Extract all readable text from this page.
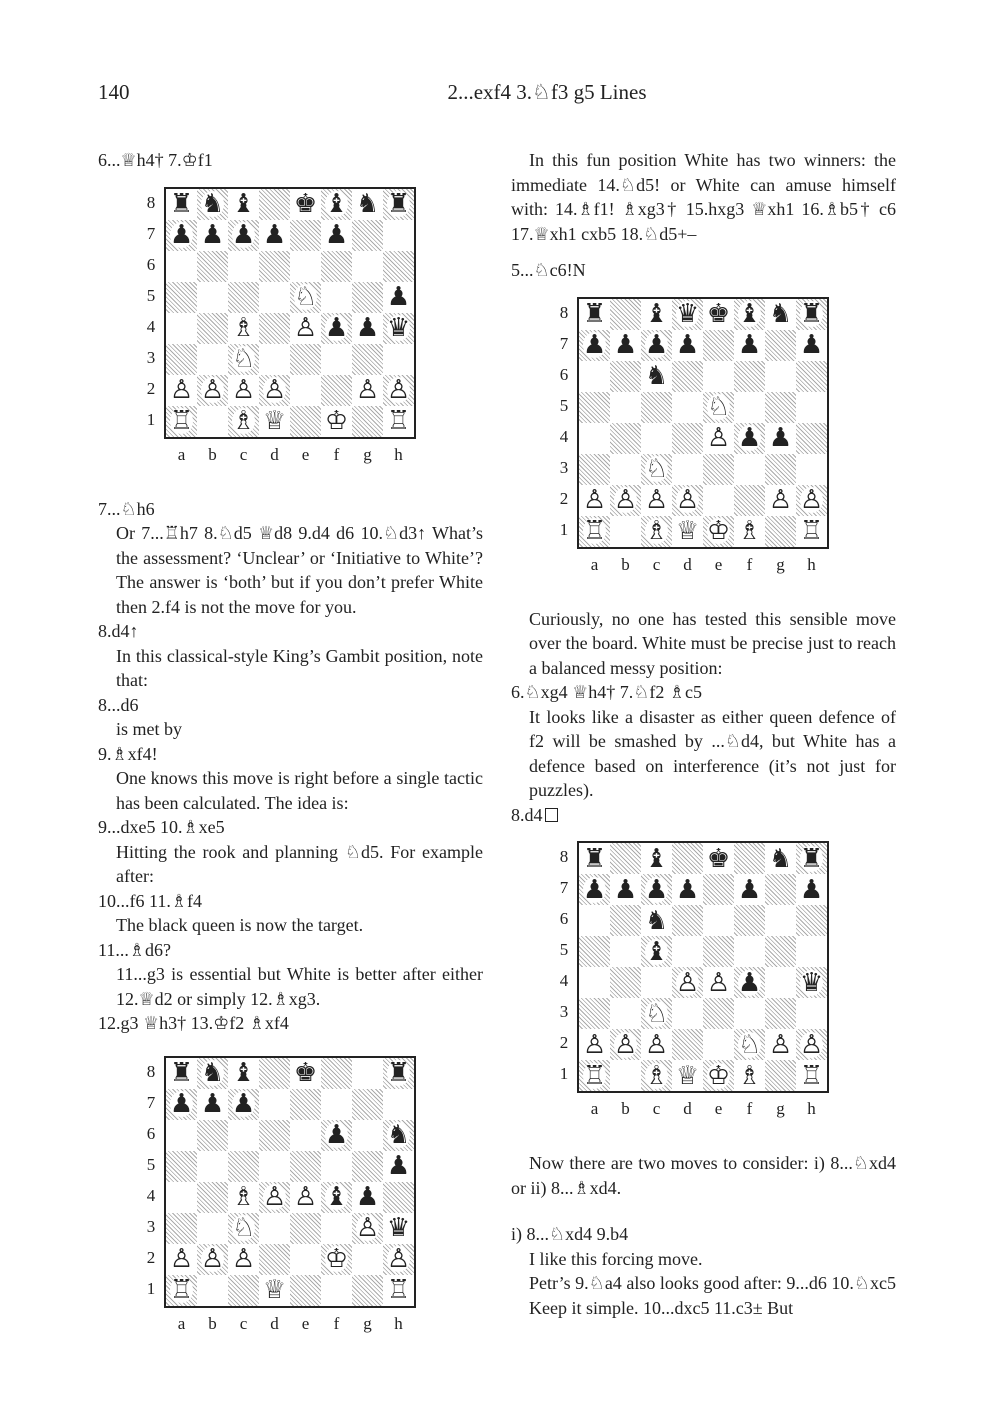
140	2...exf4 3.♘f3 g5 Lines

6...♕h4† 7.♔f1

8
7
6
5
4
3
2
1
♜ ♞ ♝ ♚ ♝ ♞ ♜
♟ ♟ ♟ ♟ ♟
♘	♟
♗ ♙ ♟ ♟ ♛
♘
♙ ♙ ♙ ♙	♙ ♙
♖ ♗ ♕ ♔ ♖
a	b	c	d	e	f	g	h

7...♘h6

Or 7...♖h7 8.♘d5 ♕d8 9.d4 d6 10.♘d3↑ What’s the assessment? ‘Unclear’ or ‘Initiative to White’? The answer is ‘both’ but if you don’t prefer White then 2.f4 is not the move for you.

8.d4↑

In this classical-style King’s Gambit position, note that:

8...d6

is met by

9.♗xf4!

One knows this move is right before a single tactic has been calculated. The idea is:

9...dxe5 10.♗xe5

Hitting the rook and planning ♘d5. For example after:

10...f6 11.♗f4

The black queen is now the target.

11...♗d6?

11...g3 is essential but White is better after either 12.♕d2 or simply 12.♗xg3.

12.g3 ♕h3† 13.♔f2 ♗xf4

8
7
6
5
4
3
2
1
♜ ♞ ♝ ♚	♜
♟ ♟ ♟
♟ ♞
♟
♗ ♙ ♙ ♝ ♟
♘	♙ ♛
♙ ♙ ♙	♔ ♙
♖	♕	♖
a	b	c	d	e	f	g	h

In this fun position White has two winners: the immediate 14.♘d5! or White can amuse himself with: 14.♗f1! ♗xg3† 15.hxg3 ♕xh1 16.♗b5† c6 17.♕xh1 cxb5 18.♘d5+–

5...♘c6!N

8
7
6
5
4
3
2
1
♜ ♝ ♛ ♚ ♝ ♞ ♜
♟ ♟ ♟ ♟ ♟ ♟
♞
♘
♙ ♟ ♟
♘
♙ ♙ ♙ ♙	♙ ♙
♖ ♗ ♕ ♔ ♗ ♖
a	b	c	d	e	f	g	h

Curiously, no one has tested this sensible move over the board. White must be precise just to reach a balanced messy position:

6.♘xg4 ♕h4† 7.♘f2 ♗c5

It looks like a disaster as either queen defence of f2 will be smashed by ...♘d4, but White has a defence based on interference (it’s not just for puzzles).

8.d4

8
7
6
5
4
3
2
1
♜ ♝ ♚ ♞ ♜
♟ ♟ ♟ ♟ ♟ ♟
♞
♝
♙ ♙ ♟ ♛
♘
♙ ♙ ♙	♘ ♙ ♙
♖ ♗ ♕ ♔ ♗ ♖
a	b	c	d	e	f	g	h

Now there are two moves to consider: i) 8...♘xd4 or ii) 8...♗xd4.

i) 8...♘xd4 9.b4

I like this forcing move.

Petr’s 9.♘a4 also looks good after: 9...d6 10.♘xc5 Keep it simple. 10...dxc5 11.c3± But
